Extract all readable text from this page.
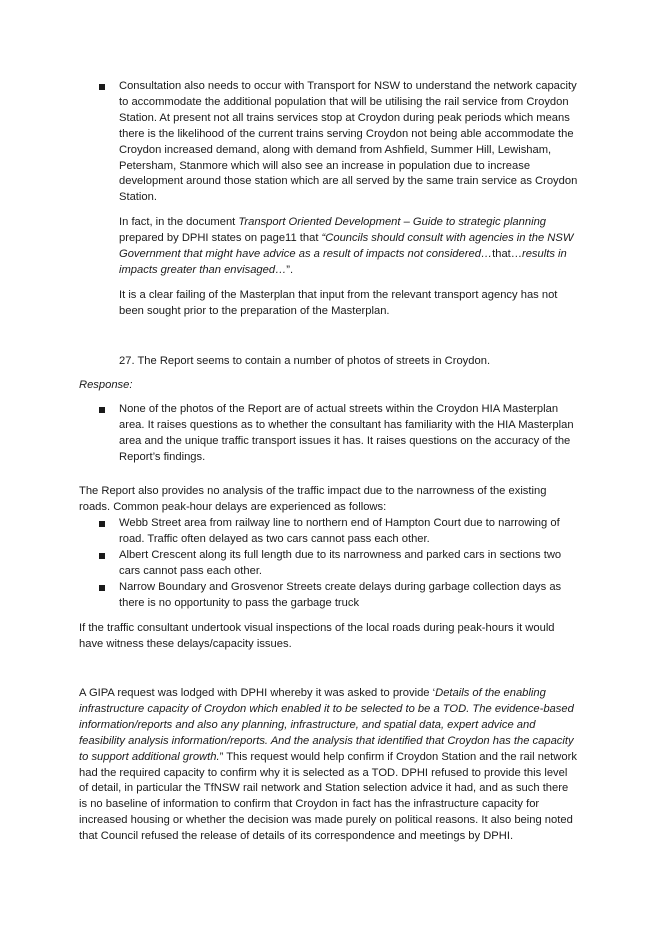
Consultation also needs to occur with Transport for NSW to understand the network capacity to accommodate the additional population that will be utilising the rail service from Croydon Station. At present not all trains services stop at Croydon during peak periods which means there is the likelihood of the current trains serving Croydon not being able accommodate the Croydon increased demand, along with demand from Ashfield, Summer Hill, Lewisham, Petersham, Stanmore which will also see an increase in population due to increase development around those station which are all served by the same train service as Croydon Station.

In fact, in the document Transport Oriented Development – Guide to strategic planning prepared by DPHI states on page11 that “Councils should consult with agencies in the NSW Government that might have advice as a result of impacts not considered…that…results in impacts greater than envisaged…”.

It is a clear failing of the Masterplan that input from the relevant transport agency has not been sought prior to the preparation of the Masterplan.

27. The Report seems to contain a number of photos of streets in Croydon.

Response:

None of the photos of the Report are of actual streets within the Croydon HIA Masterplan area. It raises questions as to whether the consultant has familiarity with the HIA Masterplan area and the unique traffic transport issues it has. It raises questions on the accuracy of the Report’s findings.

The Report also provides no analysis of the traffic impact due to the narrowness of the existing roads. Common peak-hour delays are experienced as follows:

Webb Street area from railway line to northern end of Hampton Court due to narrowing of road. Traffic often delayed as two cars cannot pass each other.

Albert Crescent along its full length due to its narrowness and parked cars in sections two cars cannot pass each other.

Narrow Boundary and Grosvenor Streets create delays during garbage collection days as there is no opportunity to pass the garbage truck

If the traffic consultant undertook visual inspections of the local roads during peak-hours it would have witness these delays/capacity issues.

A GIPA request was lodged with DPHI whereby it was asked to provide ‘Details of the enabling infrastructure capacity of Croydon which enabled it to be selected to be a TOD. The evidence-based information/reports and also any planning, infrastructure, and spatial data, expert advice and feasibility analysis information/reports. And the analysis that identified that Croydon has the capacity to support additional growth.” This request would help confirm if Croydon Station and the rail network had the required capacity to confirm why it is selected as a TOD. DPHI refused to provide this level of detail, in particular the TfNSW rail network and Station selection advice it had, and as such there is no baseline of information to confirm that Croydon in fact has the infrastructure capacity for increased housing or whether the decision was made purely on political reasons. It also being noted that Council refused the release of details of its correspondence and meetings by DPHI.
